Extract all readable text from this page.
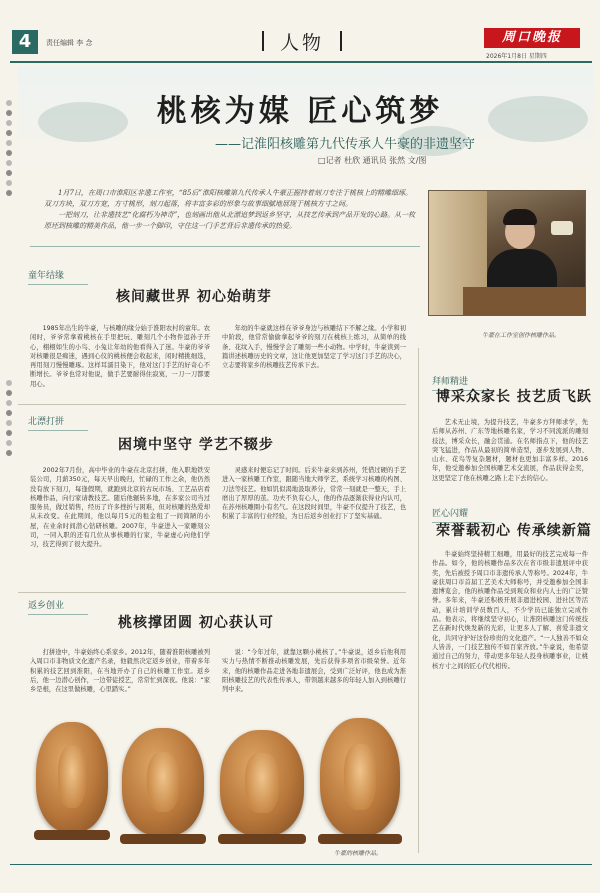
4	责任编辑 李 念	人物	周口晚报
2026年1月8日 星期四
桃核为媒 匠心筑梦
——记淮阳核雕第九代传承人牛豪的非遗坚守
□记者 杜欣 通讯员 张然 文/图

1月7日，在周口市淮阳区非遗工作室，“85后”淮阳核雕第九代传承人牛豪正握持着刻刀专注于桃核上的精雕细琢。双刀方块，双刀方宽，方寸桃形，刻刀起落，将丰富多彩的形象与故事细腻地展现于桃核方寸之间。

一把刻刀，让非遗技艺“化腐朽为神奇”，也刻画出他从北漂追梦到返乡坚守，从技艺传承到产品开发的心路。从一枚原坯到核雕的精美作品，他一步一个脚印，守住这一门手艺背后非遗传承的热爱。

牛豪在工作室创作核雕作品。
童年结缘
核间藏世界 初心始萌芽

1985年出生的牛豪，与核雕的缘分始于淮阳农村的童年。农闲时，爷爷常拿着桃核在手里把玩、雕刻几个小物件逗孙子开心，栩栩如生的小鸟、小兔让年幼的他看得入了迷。牛豪的爷爷对核雕很是痴迷，遇到心仪的桃核便会收起来，闲时精挑细选，再用刻刀慢慢雕琢。这样耳濡目染下，他对这门手艺的好奇心不断增长。爷爷也常对他说，做手艺要耐得住寂寞，一刀一刀都要用心。

年幼的牛豪就这样在爷爷身边与核雕结下不解之缘。小学和初中阶段，他常常偷偷拿起爷爷的刻刀在桃核上练习，从简单的线条、花纹入手，慢慢学会了雕刻一些小动物。中学时，牛豪读到一篇讲述核雕历史的文章，这让他更加坚定了学习这门手艺的决心，立志要将家乡的核雕技艺传承下去。

北漂打拼
困境中坚守 学艺不辍步

2002年7月份，高中毕业的牛豪在北京打拼，他入职地铁安装公司，月薪350元，每天早出晚归，忙碌的工作之余，他仍然没有放下刻刀，每逢假期，就跑到北京的古玩市场、工艺品店看核雕作品，向行家请教技艺。随后他辗转多地，在多家公司当过服务员，做过销售，经历了许多挫折与困难，但对核雕的热爱却从未改变。在此期间，他以每月5元的租金租了一间简陋的小屋，在业余时间潜心钻研核雕。2007年，牛豪进入一家雕刻公司，一同入职的还有几位从事核雕的行家，牛豪虚心向他们学习，技艺得到了很大提升。

灵感来时便忘记了时间。后来牛豪来到苏州，凭借过硬的手艺进入一家核雕工作室，跟随当地大师学艺，系统学习核雕的构图、刀法等技艺。他如饥似渴地汲取养分，常常一刻就是一整天，手上磨出了厚厚的茧。功夫不负有心人，他的作品逐渐获得业内认可，在苏州核雕圈小有名气。在这段时间里，牛豪不仅提升了技艺，也积累了丰富的行业经验，为日后返乡创业打下了坚实基础。

返乡创业
桃核撑团圆 初心获认可

打拼途中，牛豪始终心系家乡。2012年，随着淮阳核雕被列入周口市非物质文化遗产名录，他毅然决定返乡创业，带着多年积累的技艺回到淮阳，在当地开办了自己的核雕工作室。返乡后，他一边潜心创作，一边带徒授艺，常常忙到深夜。他说：“家乡是根，在这里做核雕，心里踏实。”

说：“今年过年，就靠这颗小桃核了。”牛豪说，返乡后他利用实力与热情不断推动核雕发展，先后获得多项省市级荣誉。近年来，他的核雕作品走进各地非遗展会，受到广泛好评，他也成为淮阳核雕技艺的代表性传承人，带领越来越多的年轻人加入到核雕行列中来。

牛豪的核雕作品。
拜师精进
博采众家长 技艺质飞跃

艺术无止境，为提升技艺，牛豪多方拜师求学，先后师从苏州、广东等地核雕名家，学习不同流派的雕刻技法，博采众长，融会贯通。在名师指点下，他的技艺突飞猛进，作品从最初的简单造型，逐步发展到人物、山水、花鸟等复杂题材，题材也更加丰富多样。2016年，他受邀参加全国核雕艺术交流展，作品获得金奖，这更坚定了他在核雕之路上走下去的信心。

匠心闪耀
荣誉载初心 传承续新篇

牛豪始终坚持精工细雕，用最好的技艺完成每一件作品。如今，他的核雕作品多次在省市级非遗展评中获奖，先后被授予周口市非遗传承人等称号。2024年，牛豪获周口市首届工艺美术大师称号，并受邀参加全国非遗博览会，他的核雕作品受到观众和业内人士的广泛赞誉。多年来，牛豪还积极开展非遗进校园、进社区等活动，累计培训学员数百人，不少学员已能独立完成作品。他表示，将继续坚守初心，让淮阳核雕这门传统技艺在新时代焕发新的光彩，让更多人了解、喜爱非遗文化，共同守护好这份珍贵的文化遗产。“一人独善不如众人皆善，一门技艺独传不如百家齐放。”牛豪说，他希望通过自己的努力，带动更多年轻人投身核雕事业，让桃核方寸之间的匠心代代相传。
